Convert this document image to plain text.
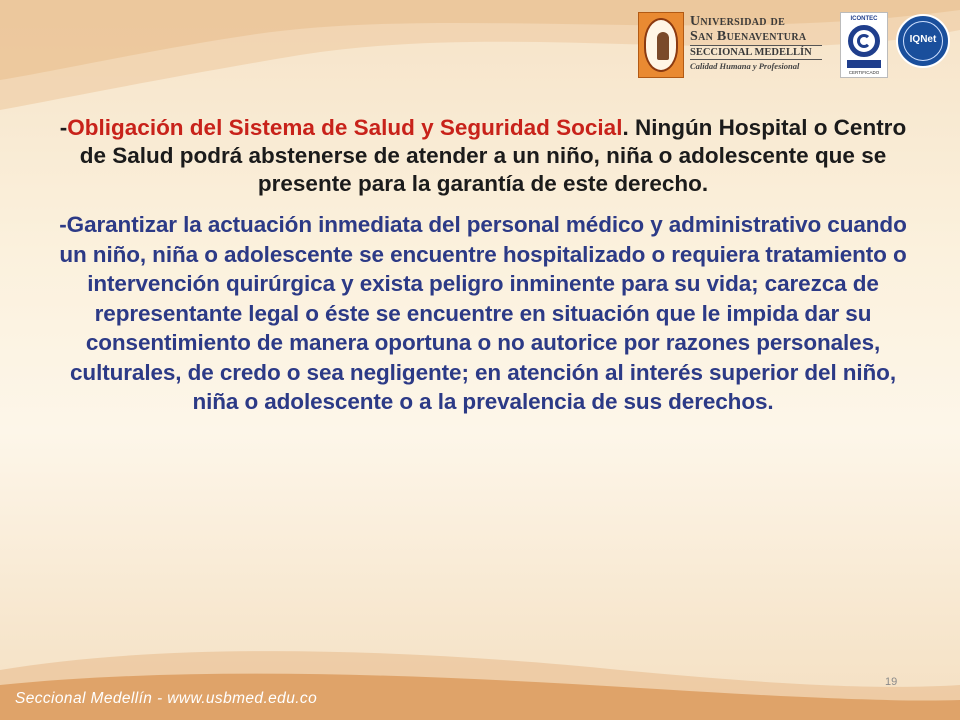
Universidad de
San Buenaventura
SECCIONAL MEDELLÍN
Calidad Humana y Profesional
ICONTEC
CERTIFICADO
IQNet

-Obligación del Sistema de Salud y Seguridad Social. Ningún Hospital o Centro de Salud podrá abstenerse de atender a un niño, niña o adolescente que se presente para la garantía de este derecho.

-Garantizar la actuación inmediata del personal médico y administrativo cuando un niño, niña o adolescente se encuentre hospitalizado o requiera tratamiento o intervención quirúrgica y exista peligro inminente para su vida; carezca de representante legal o éste se encuentre en situación que le impida dar su consentimiento de manera oportuna o no autorice por razones personales, culturales, de credo o sea negligente; en atención al interés superior del niño, niña o adolescente o a la prevalencia de sus derechos.

Seccional Medellín - www.usbmed.edu.co
19
